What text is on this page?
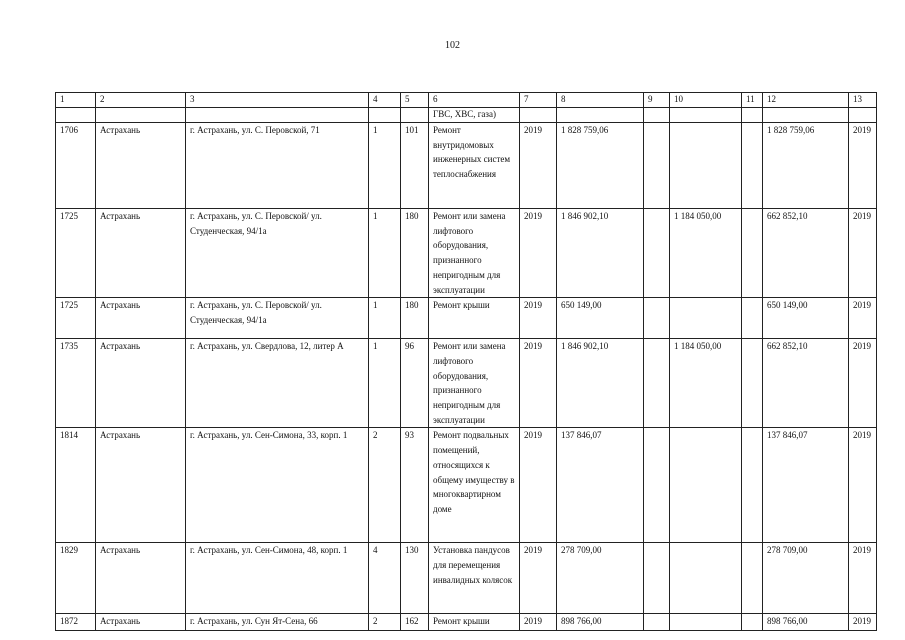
102
1	2	3	4	5	6	7	8	9	10	11	12	13
					ГВС, ХВС, газа)							
1706	Астрахань	г. Астрахань, ул. С. Перовской, 71	1	101	Ремонт внутридомовых инженерных систем теплоснабжения	2019	1 828 759,06				1 828 759,06	2019
1725	Астрахань	г. Астрахань, ул. С. Перовской/ ул. Студенческая, 94/1а	1	180	Ремонт или замена лифтового оборудования, признанного непригодным для эксплуатации	2019	1 846 902,10		1 184 050,00		662 852,10	2019
1725	Астрахань	г. Астрахань, ул. С. Перовской/ ул. Студенческая, 94/1а	1	180	Ремонт крыши	2019	650 149,00				650 149,00	2019
1735	Астрахань	г. Астрахань, ул. Свердлова, 12, литер А	1	96	Ремонт или замена лифтового оборудования, признанного непригодным для эксплуатации	2019	1 846 902,10		1 184 050,00		662 852,10	2019
1814	Астрахань	г. Астрахань, ул. Сен-Симона, 33, корп. 1	2	93	Ремонт подвальных помещений, относящихся к общему имуществу в многоквартирном доме	2019	137 846,07				137 846,07	2019
1829	Астрахань	г. Астрахань, ул. Сен-Симона, 48, корп. 1	4	130	Установка пандусов для перемещения инвалидных колясок	2019	278 709,00				278 709,00	2019
1872	Астрахань	г. Астрахань, ул. Сун Ят-Сена, 66	2	162	Ремонт крыши	2019	898 766,00				898 766,00	2019
